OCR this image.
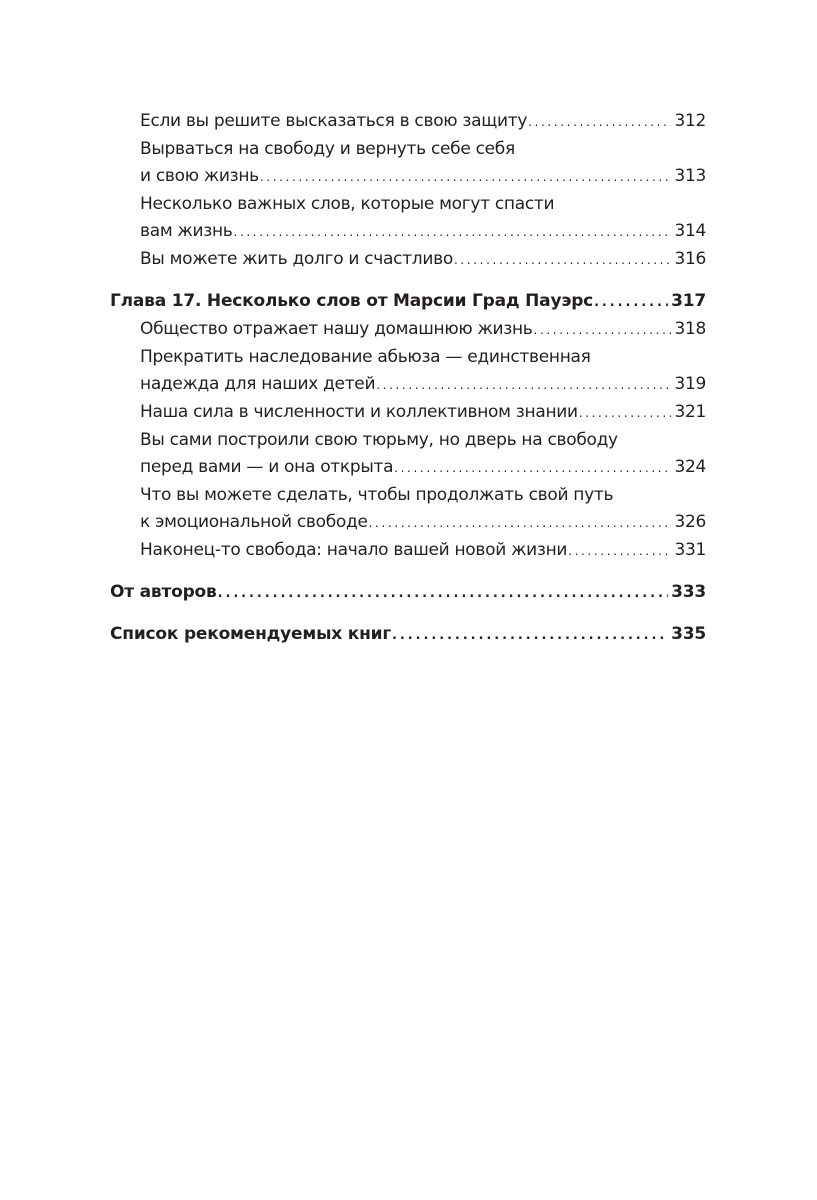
Если вы решите высказаться в свою защиту . . .	312
Вырваться на свободу и вернуть себе себя
и свою жизнь . . .	313
Несколько важных слов, которые могут спасти
вам жизнь . . .	314
Вы можете жить долго и счастливо . . .	316
Глава 17. Несколько слов от Марсии Град Пауэрс . . .	317
Общество отражает нашу домашнюю жизнь . . .	318
Прекратить наследование абьюза — единственная
надежда для наших детей . . .	319
Наша сила в численности и коллективном знании . . .	321
Вы сами построили свою тюрьму, но дверь на свободу
перед вами — и она открыта . . .	324
Что вы можете сделать, чтобы продолжать свой путь
к эмоциональной свободе . . .	326
Наконец-то свобода: начало вашей новой жизни . . .	331
От авторов . . .	333
Список рекомендуемых книг . . .	335
